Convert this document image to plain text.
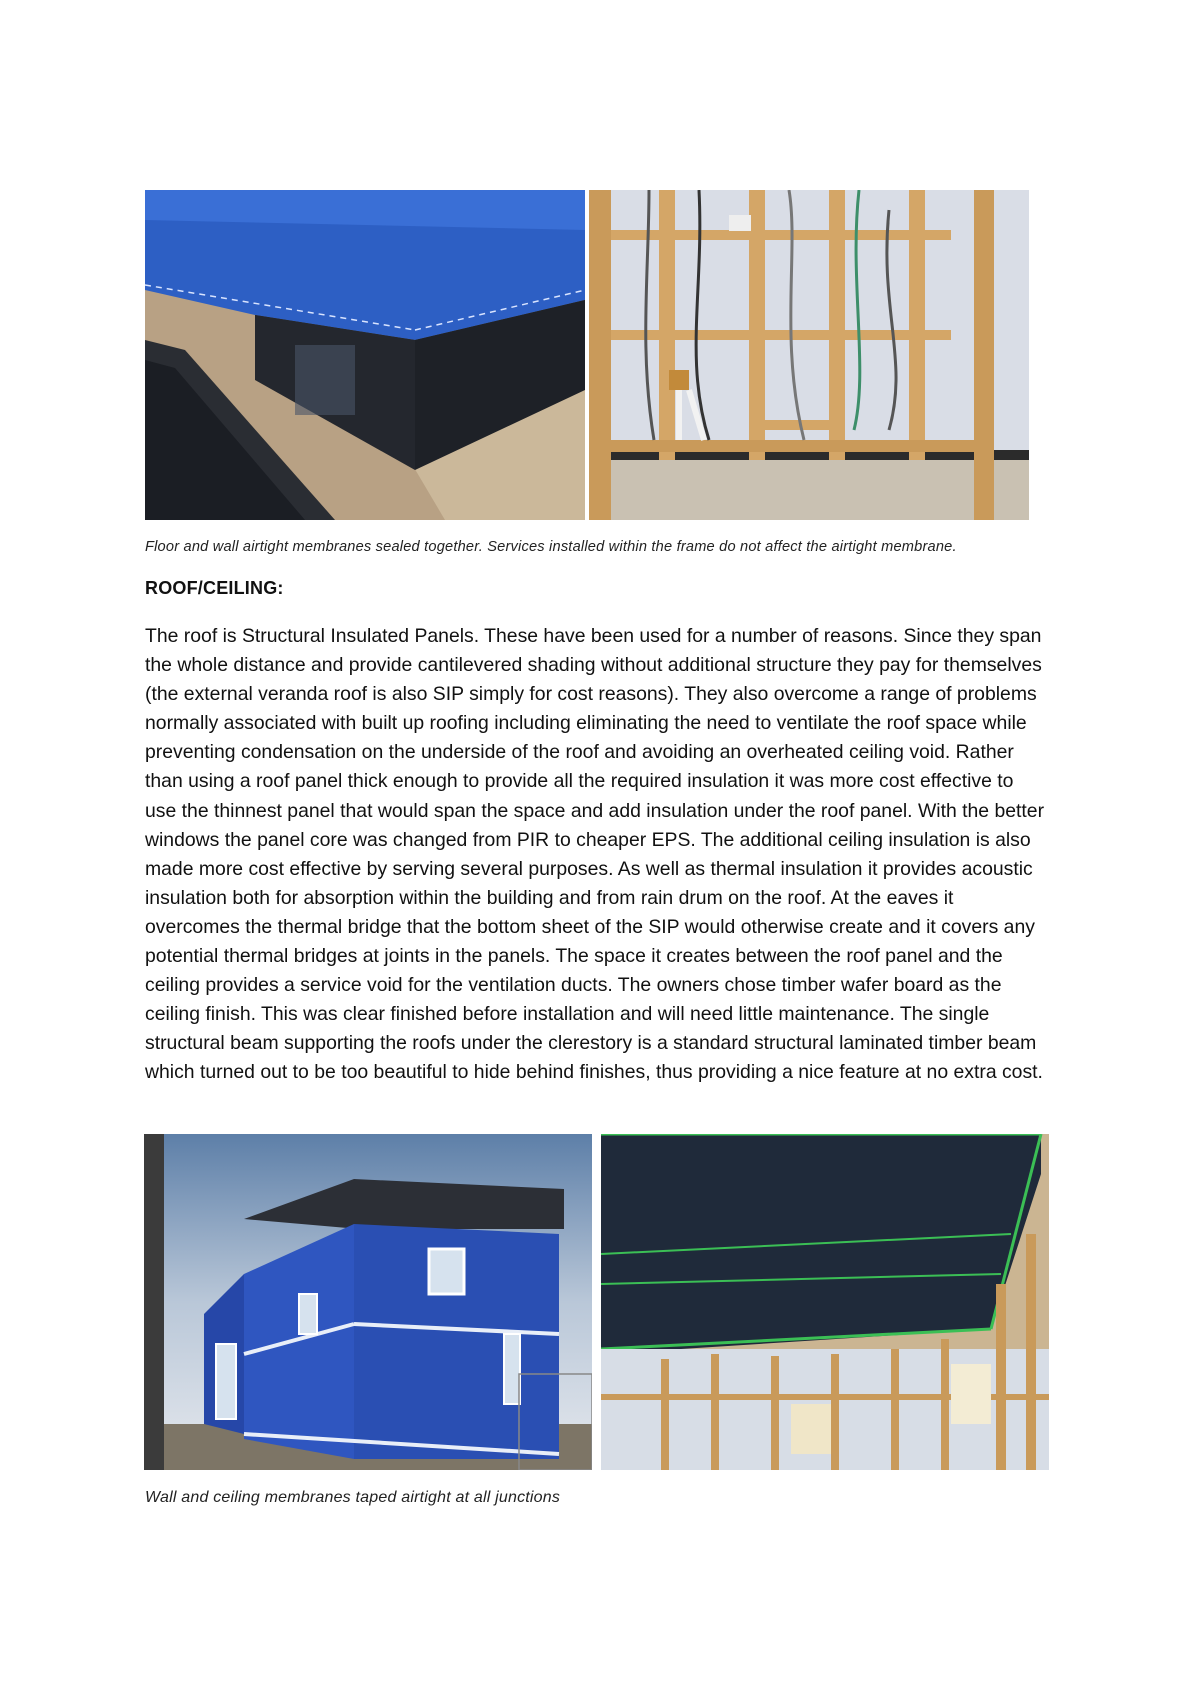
Floor and wall airtight membranes sealed together. Services installed within the frame do not affect the airtight membrane.

ROOF/CEILING:

The roof is Structural Insulated Panels. These have been used for a number of reasons. Since they span the whole distance and provide cantilevered shading without additional structure they pay for themselves (the external veranda roof is also SIP simply for cost reasons). They also overcome a range of problems normally associated with built up roofing including eliminating the need to ventilate the roof space while preventing condensation on the underside of the roof and avoiding an overheated ceiling void. Rather than using a roof panel thick enough to provide all the required insulation it was more cost effective to use the thinnest panel that would span the space and add insulation under the roof panel. With the better windows the panel core was changed from PIR to cheaper EPS. The additional ceiling insulation is also made more cost effective by serving several purposes. As well as thermal insulation it provides acoustic insulation both for absorption within the building and from rain drum on the roof. At the eaves it overcomes the thermal bridge that the bottom sheet of the SIP would otherwise create and it covers any potential thermal bridges at joints in the panels. The space it creates between the roof panel and the ceiling provides a service void for the ventilation ducts. The owners chose timber wafer board as the ceiling finish. This was clear finished before installation and will need little maintenance. The single structural beam supporting the roofs under the clerestory is a standard structural laminated timber beam which turned out to be too beautiful to hide behind finishes, thus providing a nice feature at no extra cost.

Wall and ceiling membranes taped airtight at all junctions
